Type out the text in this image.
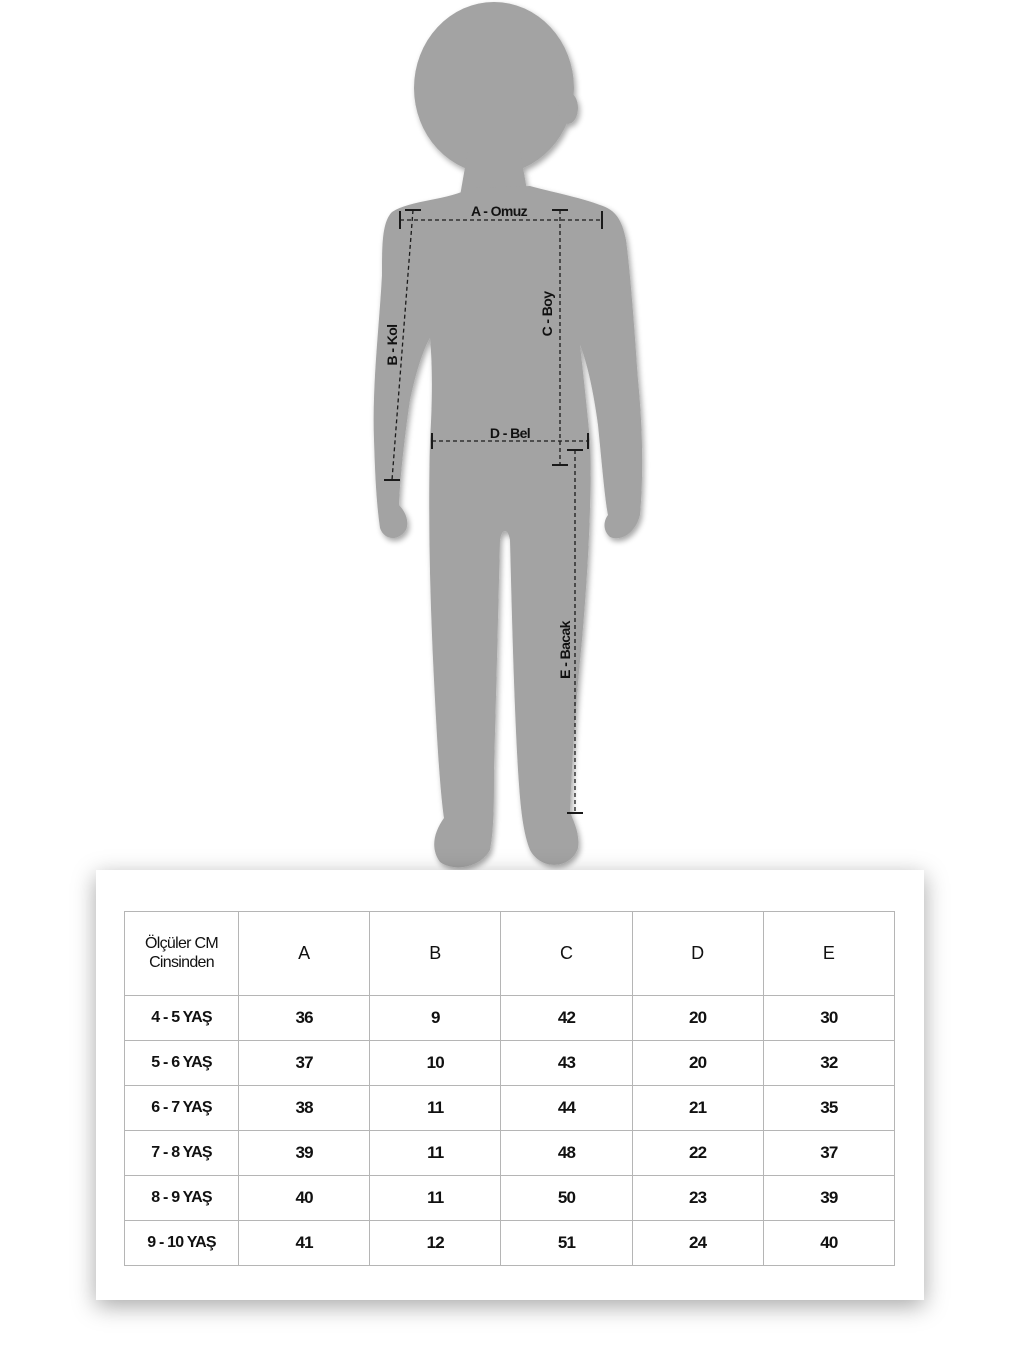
A - Omuz
B - Kol
C - Boy
D - Bel
E - Bacak
Ölçüler CM
Cinsinden	A	B	C	D	E
4 - 5 YAŞ	36	9	42	20	30
5 - 6 YAŞ	37	10	43	20	32
6 - 7 YAŞ	38	11	44	21	35
7 - 8 YAŞ	39	11	48	22	37
8 - 9 YAŞ	40	11	50	23	39
9 - 10 YAŞ	41	12	51	24	40
